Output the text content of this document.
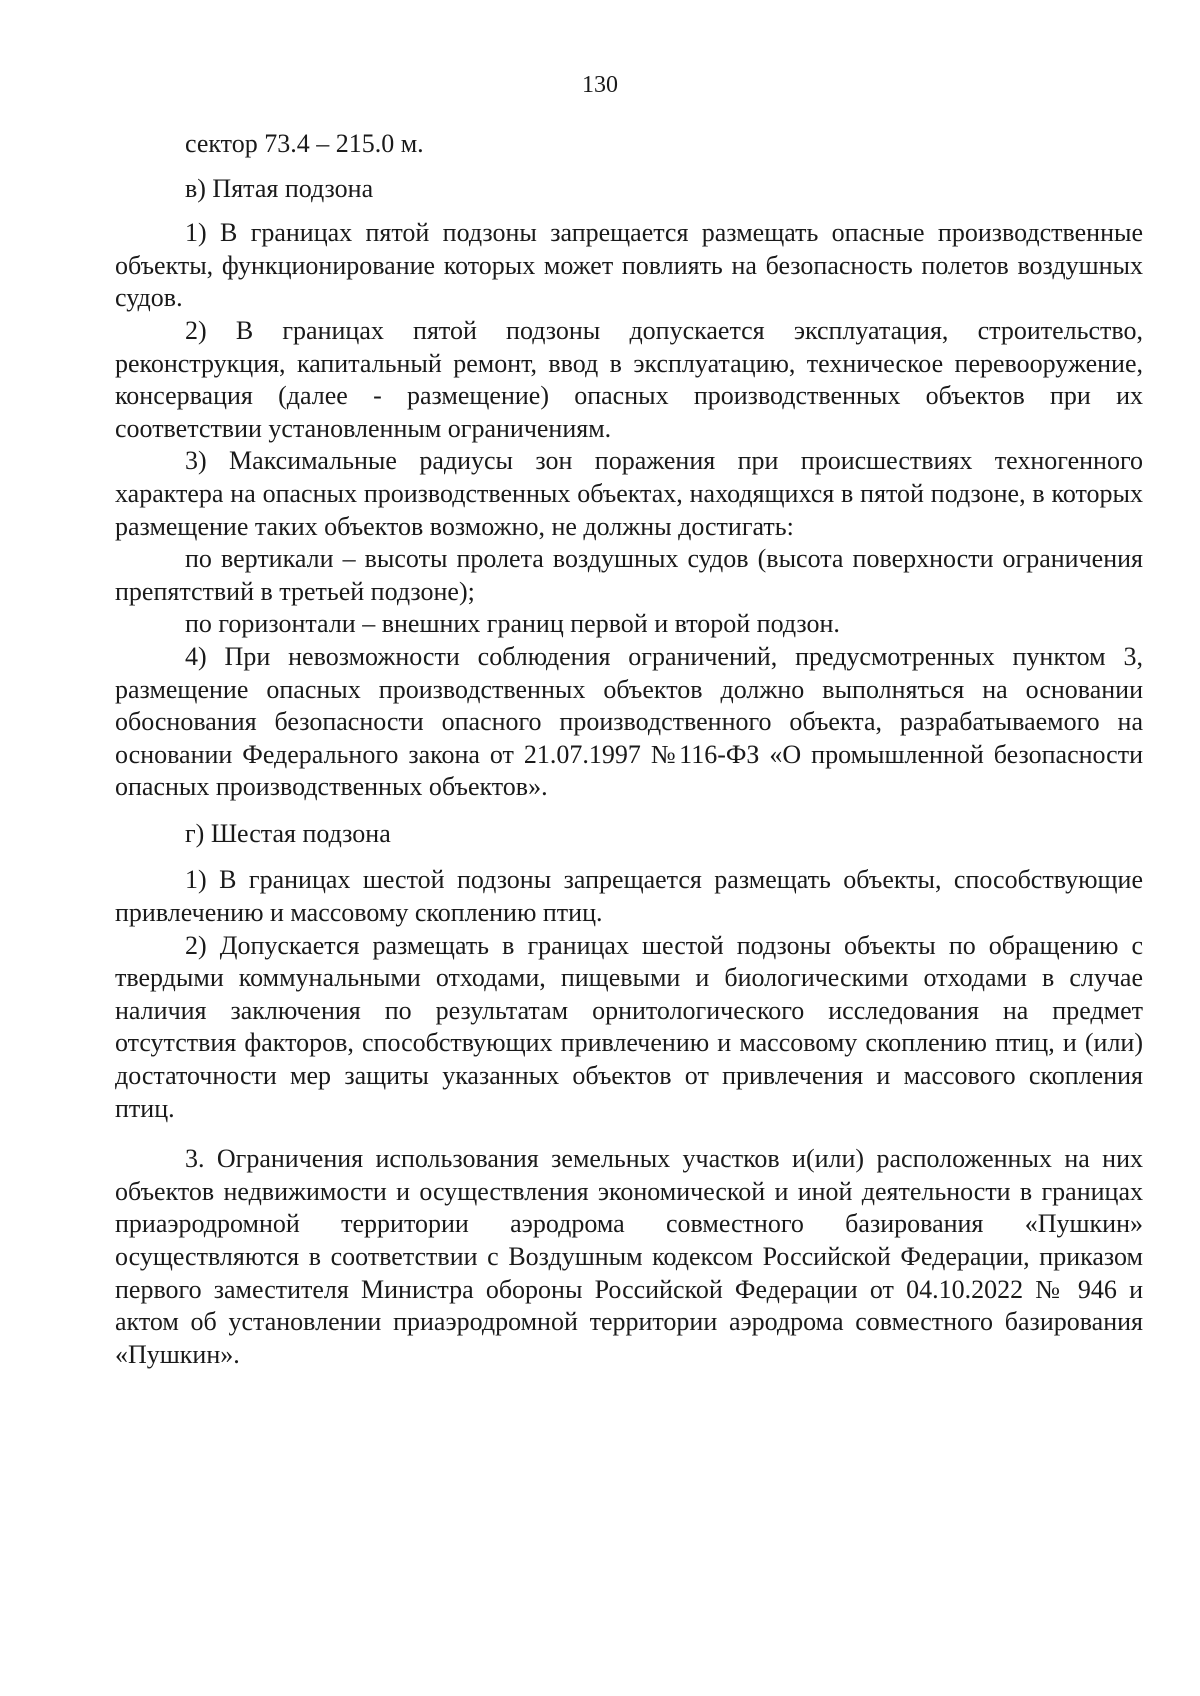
130

сектор 73.4 – 215.0 м.

в) Пятая подзона

1) В границах пятой подзоны запрещается размещать опасные производственные объекты, функционирование которых может повлиять на безопасность полетов воздушных судов.

2) В границах пятой подзоны допускается эксплуатация, строительство, реконструкция, капитальный ремонт, ввод в эксплуатацию, техническое перевооружение, консервация (далее - размещение) опасных производственных объектов при их соответствии установленным ограничениям.

3) Максимальные радиусы зон поражения при происшествиях техногенного характера на опасных производственных объектах, находящихся в пятой подзоне, в которых размещение таких объектов возможно, не должны достигать:

по вертикали – высоты пролета воздушных судов (высота поверхности ограничения препятствий в третьей подзоне);

по горизонтали – внешних границ первой и второй подзон.

4) При невозможности соблюдения ограничений, предусмотренных пунктом 3, размещение опасных производственных объектов должно выполняться на основании обоснования безопасности опасного производственного объекта, разрабатываемого на основании Федерального закона от 21.07.1997 №116-ФЗ «О промышленной безопасности опасных производственных объектов».

г) Шестая подзона

1) В границах шестой подзоны запрещается размещать объекты, способствующие привлечению и массовому скоплению птиц.

2) Допускается размещать в границах шестой подзоны объекты по обращению с твердыми коммунальными отходами, пищевыми и биологическими отходами в случае наличия заключения по результатам орнитологического исследования на предмет отсутствия факторов, способствующих привлечению и массовому скоплению птиц, и (или) достаточности мер защиты указанных объектов от привлечения и массового скопления птиц.

3. Ограничения использования земельных участков и(или) расположенных на них объектов недвижимости и осуществления экономической и иной деятельности в границах приаэродромной территории аэродрома совместного базирования «Пушкин» осуществляются в соответствии с Воздушным кодексом Российской Федерации, приказом первого заместителя Министра обороны Российской Федерации от 04.10.2022 № 946 и актом об установлении приаэродромной территории аэродрома совместного базирования «Пушкин».
